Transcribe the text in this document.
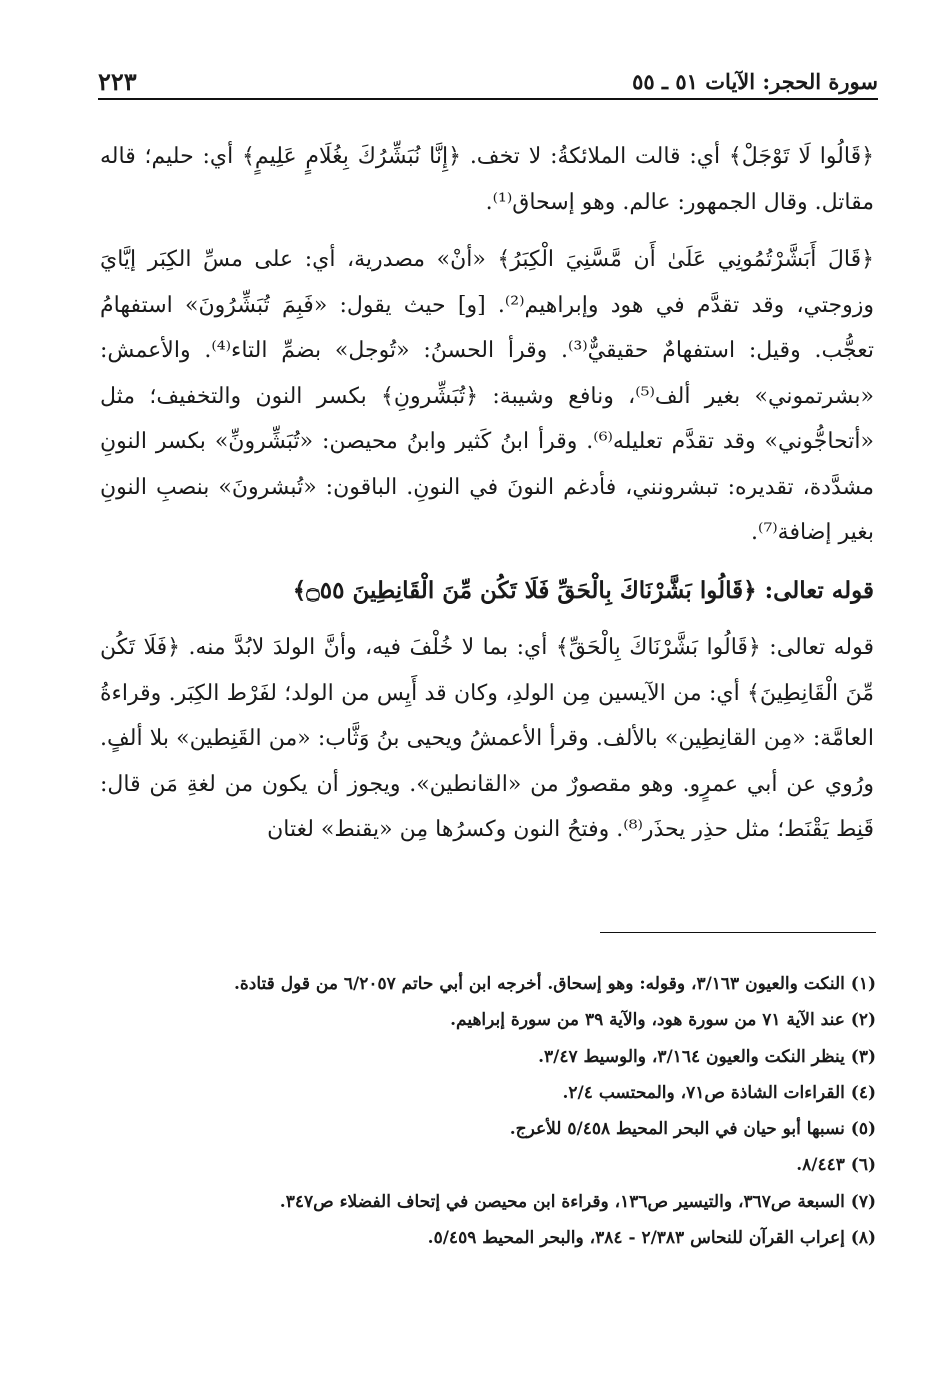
٢٢٣	سورة الحجر: الآيات ٥١ ـ ٥٥

﴿قَالُوا لَا تَوْجَلْ﴾ أي: قالت الملائكةُ: لا تخف. ﴿إِنَّا نُبَشِّرُكَ بِغُلَامٍ عَلِيمٍ﴾ أي: حليم؛ قاله مقاتل. وقال الجمهور: عالم. وهو إسحاق⁽¹⁾.

﴿قَالَ أَبَشَّرْتُمُونِي عَلَىٰ أَن مَّسَّنِيَ الْكِبَرُ﴾ «أنْ» مصدرية، أي: على مسِّ الكِبَر إيَّايَ وزوجتي، وقد تقدَّم في هود وإبراهيم⁽²⁾. [و] حيث يقول: «فَبِمَ تُبَشِّرُونَ» استفهامُ تعجُّب. وقيل: استفهامٌ حقيقيٌّ⁽³⁾. وقرأ الحسنُ: «تُوجل» بضمِّ التاء⁽⁴⁾. والأعمش: «بشرتموني» بغير ألف⁽⁵⁾، ونافع وشيبة: ﴿تُبَشِّرونِ﴾ بكسر النون والتخفيف؛ مثل «أتحاجُّوني» وقد تقدَّم تعليله⁽⁶⁾. وقرأ ابنُ كَثير وابنُ محيصن: «تُبَشِّرونِّ» بكسر النونِ مشدَّدة، تقديره: تبشرونني، فأدغم النونَ في النونِ. الباقون: «تُبشرونَ» بنصبِ النونِ بغير إضافة⁽⁷⁾.

قوله تعالى: ﴿قَالُوا بَشَّرْنَاكَ بِالْحَقِّ فَلَا تَكُن مِّنَ الْقَانِطِينَ ۝٥٥﴾

قوله تعالى: ﴿قَالُوا بَشَّرْنَاكَ بِالْحَقِّ﴾ أي: بما لا خُلْفَ فيه، وأنَّ الولدَ لابُدَّ منه. ﴿فَلَا تَكُن مِّنَ الْقَانِطِينَ﴾ أي: من الآيسين مِن الولدِ، وكان قد أَيِس من الولد؛ لفَرْط الكِبَر. وقراءةُ العامَّة: «مِن القانِطِين» بالألف. وقرأ الأعمشُ ويحيى بنُ وَثَّاب: «من القَنِطين» بلا ألفٍ. ورُوي عن أبي عمرٍو. وهو مقصورٌ من «القانطين». ويجوز أن يكون من لغةِ مَن قال: قَنِط يَقْنَط؛ مثل حذِر يحذَر⁽⁸⁾. وفتحُ النون وكسرُها مِن «يقنط» لغتان

(١) النكت والعيون ٣/١٦٣، وقوله: وهو إسحاق. أخرجه ابن أبي حاتم ٦/٢٠٥٧ من قول قتادة.
(٢) عند الآية ٧١ من سورة هود، والآية ٣٩ من سورة إبراهيم.
(٣) ينظر النكت والعيون ٣/١٦٤، والوسيط ٣/٤٧.
(٤) القراءات الشاذة ص٧١، والمحتسب ٢/٤.
(٥) نسبها أبو حيان في البحر المحيط ٥/٤٥٨ للأعرج.
(٦) ٨/٤٤٣.
(٧) السبعة ص٣٦٧، والتيسير ص١٣٦، وقراءة ابن محيصن في إتحاف الفضلاء ص٣٤٧.
(٨) إعراب القرآن للنحاس ٢/٣٨٣ - ٣٨٤، والبحر المحيط ٥/٤٥٩.
